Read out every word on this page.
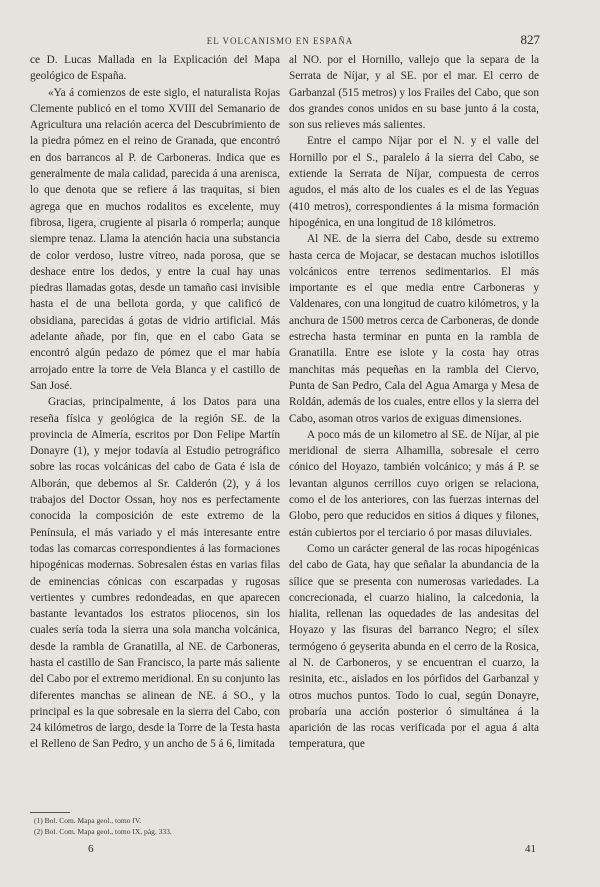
EL VOLCANISMO EN ESPAÑA	827

ce D. Lucas Mallada en la Explicación del Mapa geológico de España.

«Ya á comienzos de este siglo, el naturalista Rojas Clemente publicó en el tomo XVIII del Semanario de Agricultura una relación acerca del Descubrimiento de la piedra pómez en el reino de Granada, que encontró en dos barrancos al P. de Carboneras. Indica que es generalmente de mala calidad, parecida á una arenisca, lo que denota que se refiere á las traquitas, si bien agrega que en muchos rodalitos es excelente, muy fibrosa, ligera, crugiente al pisarla ó romperla; aunque siempre tenaz. Llama la atención hacia una substancia de color verdoso, lustre vítreo, nada porosa, que se deshace entre los dedos, y entre la cual hay unas piedras llamadas gotas, desde un tamaño casi invisible hasta el de una bellota gorda, y que calificó de obsidiana, parecidas á gotas de vidrio artificial. Más adelante añade, por fin, que en el cabo Gata se encontró algún pedazo de pómez que el mar había arrojado entre la torre de Vela Blanca y el castillo de San José.

Gracias, principalmente, á los Datos para una reseña física y geológica de la región SE. de la provincia de Almería, escritos por Don Felipe Martín Donayre (1), y mejor todavía al Estudio petrográfico sobre las rocas volcánicas del cabo de Gata é isla de Alborán, que debemos al Sr. Calderón (2), y á los trabajos del Doctor Ossan, hoy nos es perfectamente conocida la composición de este extremo de la Península, el más variado y el más interesante entre todas las comarcas correspondientes á las formaciones hipogénicas modernas. Sobresalen éstas en varias filas de eminencias cónicas con escarpadas y rugosas vertientes y cumbres redondeadas, en que aparecen bastante levantados los estratos pliocenos, sin los cuales sería toda la sierra una sola mancha volcánica, desde la rambla de Granatilla, al NE. de Carboneras, hasta el castillo de San Francisco, la parte más saliente del Cabo por el extremo meridional. En su conjunto las diferentes manchas se alinean de NE. á SO., y la principal es la que sobresale en la sierra del Cabo, con 24 kilómetros de largo, desde la Torre de la Testa hasta el Relleno de San Pedro, y un ancho de 5 á 6, limitada

al NO. por el Hornillo, vallejo que la separa de la Serrata de Níjar, y al SE. por el mar. El cerro de Garbanzal (515 metros) y los Frailes del Cabo, que son dos grandes conos unidos en su base junto á la costa, son sus relieves más salientes.

Entre el campo Níjar por el N. y el valle del Hornillo por el S., paralelo á la sierra del Cabo, se extiende la Serrata de Níjar, compuesta de cerros agudos, el más alto de los cuales es el de las Yeguas (410 metros), correspondientes á la misma formación hipogénica, en una longitud de 18 kilómetros.

Al NE. de la sierra del Cabo, desde su extremo hasta cerca de Mojacar, se destacan muchos islotillos volcánicos entre terrenos sedimentarios. El más importante es el que media entre Carboneras y Valdenares, con una longitud de cuatro kilómetros, y la anchura de 1500 metros cerca de Carboneras, de donde estrecha hasta terminar en punta en la rambla de Granatilla. Entre ese islote y la costa hay otras manchitas más pequeñas en la rambla del Ciervo, Punta de San Pedro, Cala del Agua Amarga y Mesa de Roldán, además de los cuales, entre ellos y la sierra del Cabo, asoman otros varios de exiguas dimensiones.

A poco más de un kilometro al SE. de Níjar, al pie meridional de sierra Alhamilla, sobresale el cerro cónico del Hoyazo, también volcánico; y más á P. se levantan algunos cerrillos cuyo origen se relaciona, como el de los anteriores, con las fuerzas internas del Globo, pero que reducidos en sitios á diques y filones, están cubiertos por el terciario ó por masas diluviales.

Como un carácter general de las rocas hipogénicas del cabo de Gata, hay que señalar la abundancia de la sílice que se presenta con numerosas variedades. La concrecionada, el cuarzo hialino, la calcedonia, la hialita, rellenan las oquedades de las andesitas del Hoyazo y las fisuras del barranco Negro; el sílex termógeno ó geyserita abunda en el cerro de la Rosica, al N. de Carboneros, y se encuentran el cuarzo, la resinita, etc., aislados en los pórfidos del Garbanzal y otros muchos puntos. Todo lo cual, según Donayre, probaría una acción posterior ó simultánea á la aparición de las rocas verificada por el agua á alta temperatura, que

(1) Bol. Com. Mapa geol., tomo IV.
(2) Bol. Com. Mapa geol., tomo IX, pág. 333.
6	41
